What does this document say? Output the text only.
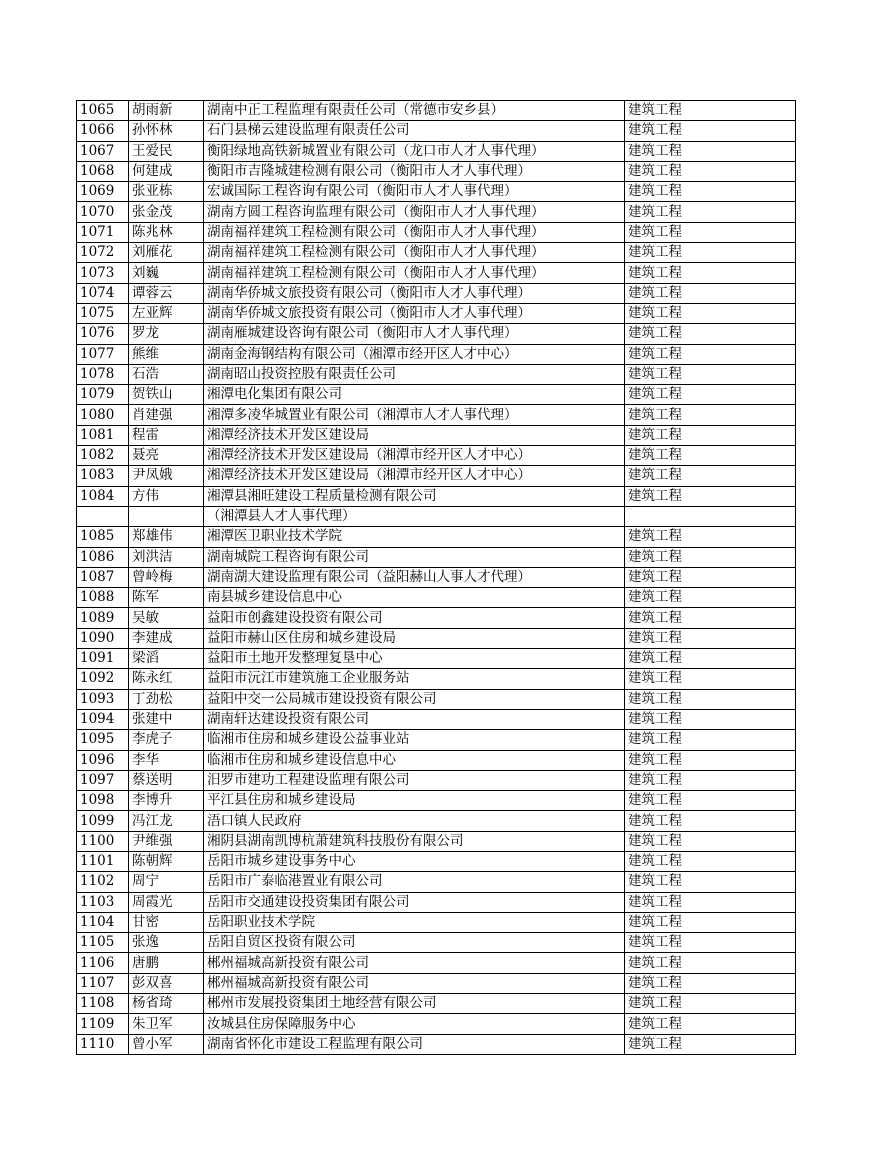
1065	胡雨新	湖南中正工程监理有限责任公司（常德市安乡县）	建筑工程
1066	孙怀林	石门县梯云建设监理有限责任公司	建筑工程
1067	王爱民	衡阳绿地高铁新城置业有限公司（龙口市人才人事代理）	建筑工程
1068	何建成	衡阳市吉隆城建检测有限公司（衡阳市人才人事代理）	建筑工程
1069	张亚栋	宏诚国际工程咨询有限公司（衡阳市人才人事代理）	建筑工程
1070	张金茂	湖南方圆工程咨询监理有限公司（衡阳市人才人事代理）	建筑工程
1071	陈兆林	湖南福祥建筑工程检测有限公司（衡阳市人才人事代理）	建筑工程
1072	刘雁花	湖南福祥建筑工程检测有限公司（衡阳市人才人事代理）	建筑工程
1073	刘巍	湖南福祥建筑工程检测有限公司（衡阳市人才人事代理）	建筑工程
1074	谭蓉云	湖南华侨城文旅投资有限公司（衡阳市人才人事代理）	建筑工程
1075	左亚辉	湖南华侨城文旅投资有限公司（衡阳市人才人事代理）	建筑工程
1076	罗龙	湖南雁城建设咨询有限公司（衡阳市人才人事代理）	建筑工程
1077	熊维	湖南金海钢结构有限公司（湘潭市经开区人才中心）	建筑工程
1078	石浩	湖南昭山投资控股有限责任公司	建筑工程
1079	贺铁山	湘潭电化集团有限公司	建筑工程
1080	肖建强	湘潭多凌华城置业有限公司（湘潭市人才人事代理）	建筑工程
1081	程雷	湘潭经济技术开发区建设局	建筑工程
1082	聂亮	湘潭经济技术开发区建设局（湘潭市经开区人才中心）	建筑工程
1083	尹凤娥	湘潭经济技术开发区建设局（湘潭市经开区人才中心）	建筑工程
1084	方伟	湘潭县湘旺建设工程质量检测有限公司	建筑工程
		（湘潭县人才人事代理）	
1085	郑雄伟	湘潭医卫职业技术学院	建筑工程
1086	刘洪洁	湖南城院工程咨询有限公司	建筑工程
1087	曾岭梅	湖南湖大建设监理有限公司（益阳赫山人事人才代理）	建筑工程
1088	陈军	南县城乡建设信息中心	建筑工程
1089	吴敏	益阳市创鑫建设投资有限公司	建筑工程
1090	李建成	益阳市赫山区住房和城乡建设局	建筑工程
1091	梁滔	益阳市土地开发整理复垦中心	建筑工程
1092	陈永红	益阳市沅江市建筑施工企业服务站	建筑工程
1093	丁劲松	益阳中交一公局城市建设投资有限公司	建筑工程
1094	张建中	湖南轩达建设投资有限公司	建筑工程
1095	李虎子	临湘市住房和城乡建设公益事业站	建筑工程
1096	李华	临湘市住房和城乡建设信息中心	建筑工程
1097	蔡送明	汨罗市建功工程建设监理有限公司	建筑工程
1098	李博升	平江县住房和城乡建设局	建筑工程
1099	冯江龙	浯口镇人民政府	建筑工程
1100	尹维强	湘阴县湖南凯博杭萧建筑科技股份有限公司	建筑工程
1101	陈朝辉	岳阳市城乡建设事务中心	建筑工程
1102	周宁	岳阳市广泰临港置业有限公司	建筑工程
1103	周霞光	岳阳市交通建设投资集团有限公司	建筑工程
1104	甘密	岳阳职业技术学院	建筑工程
1105	张逸	岳阳自贸区投资有限公司	建筑工程
1106	唐鹏	郴州福城高新投资有限公司	建筑工程
1107	彭双喜	郴州福城高新投资有限公司	建筑工程
1108	杨省琦	郴州市发展投资集团土地经营有限公司	建筑工程
1109	朱卫军	汝城县住房保障服务中心	建筑工程
1110	曾小军	湖南省怀化市建设工程监理有限公司	建筑工程
